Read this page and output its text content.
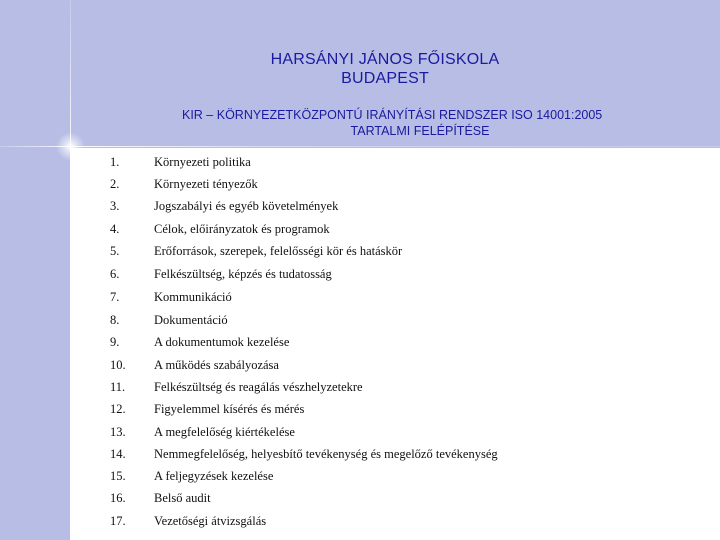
HARSÁNYI JÁNOS FŐISKOLA
BUDAPEST
KIR – KÖRNYEZETKÖZPONTÚ IRÁNYÍTÁSI RENDSZER ISO 14001:2005
TARTALMI FELÉPÍTÉSE
1.	Környezeti politika
2.	Környezeti tényezők
3.	Jogszabályi és egyéb követelmények
4.	Célok, előirányzatok és programok
5.	Erőforrások, szerepek, felelősségi kör és hatáskör
6.	Felkészültség, képzés és tudatosság
7.	Kommunikáció
8.	Dokumentáció
9.	A dokumentumok kezelése
10.	A működés szabályozása
11.	Felkészültség és reagálás vészhelyzetekre
12.	Figyelemmel kísérés és mérés
13.	A megfelelőség kiértékelése
14.	Nemmegfelelőség, helyesbítő tevékenység és megelőző tevékenység
15.	A feljegyzések kezelése
16.	Belső audit
17.	Vezetőségi átvizsgálás
